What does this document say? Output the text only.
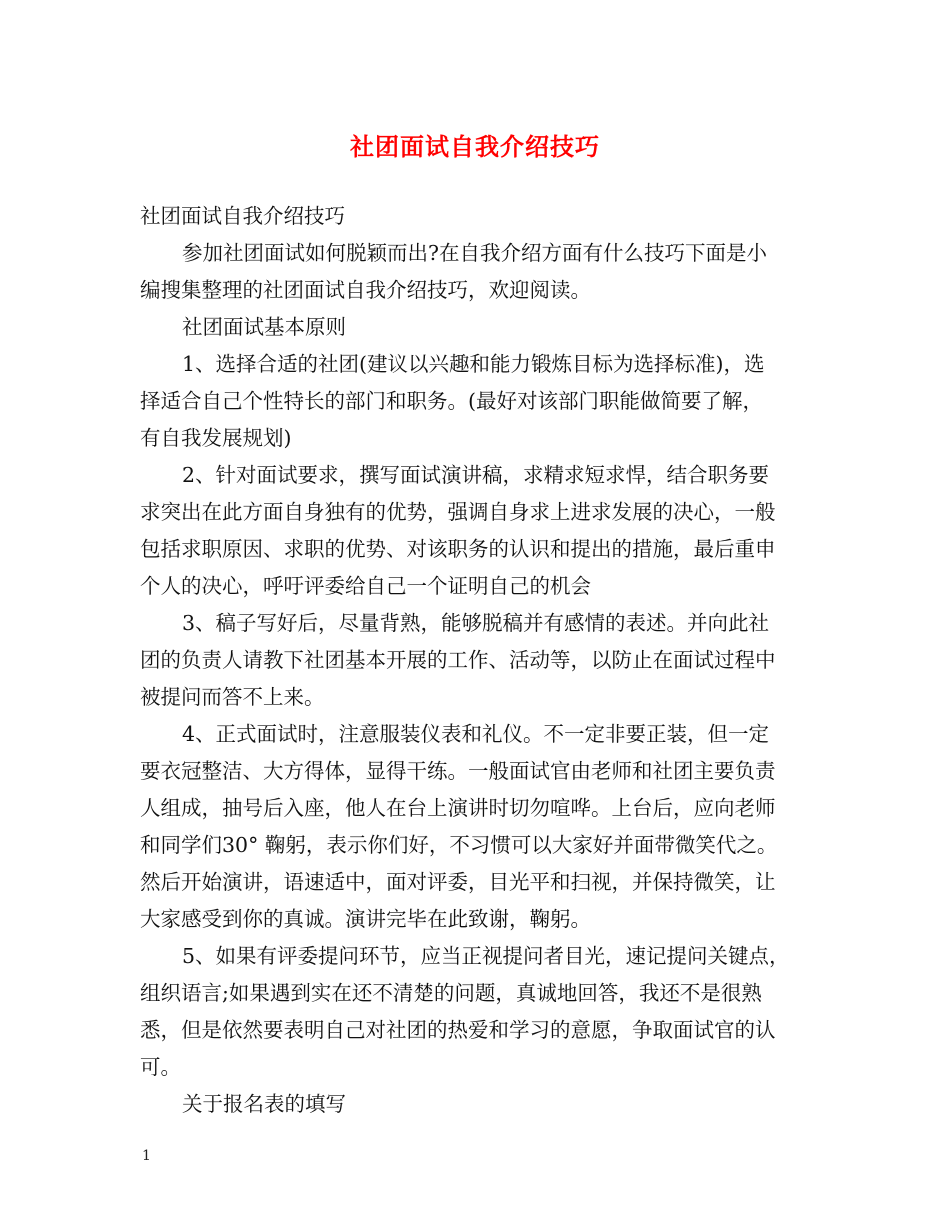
社团面试自我介绍技巧
社团面试自我介绍技巧
参加社团面试如何脱颖而出?在自我介绍方面有什么技巧下面是小
编搜集整理的社团面试自我介绍技巧，欢迎阅读。
社团面试基本原则
1、选择合适的社团(建议以兴趣和能力锻炼目标为选择标准)，选
择适合自己个性特长的部门和职务。(最好对该部门职能做简要了解，
有自我发展规划)
2、针对面试要求，撰写面试演讲稿，求精求短求悍，结合职务要
求突出在此方面自身独有的优势，强调自身求上进求发展的决心，一般
包括求职原因、求职的优势、对该职务的认识和提出的措施，最后重申
个人的决心，呼吁评委给自己一个证明自己的机会
3、稿子写好后，尽量背熟，能够脱稿并有感情的表述。并向此社
团的负责人请教下社团基本开展的工作、活动等，以防止在面试过程中
被提问而答不上来。
4、正式面试时，注意服装仪表和礼仪。不一定非要正装，但一定
要衣冠整洁、大方得体，显得干练。一般面试官由老师和社团主要负责
人组成，抽号后入座，他人在台上演讲时切勿喧哗。上台后，应向老师
和同学们30° 鞠躬，表示你们好，不习惯可以大家好并面带微笑代之。
然后开始演讲，语速适中，面对评委，目光平和扫视，并保持微笑，让
大家感受到你的真诚。演讲完毕在此致谢，鞠躬。
5、如果有评委提问环节，应当正视提问者目光，速记提问关键点，
组织语言;如果遇到实在还不清楚的问题，真诚地回答，我还不是很熟
悉，但是依然要表明自己对社团的热爱和学习的意愿，争取面试官的认
可。
关于报名表的填写
1
